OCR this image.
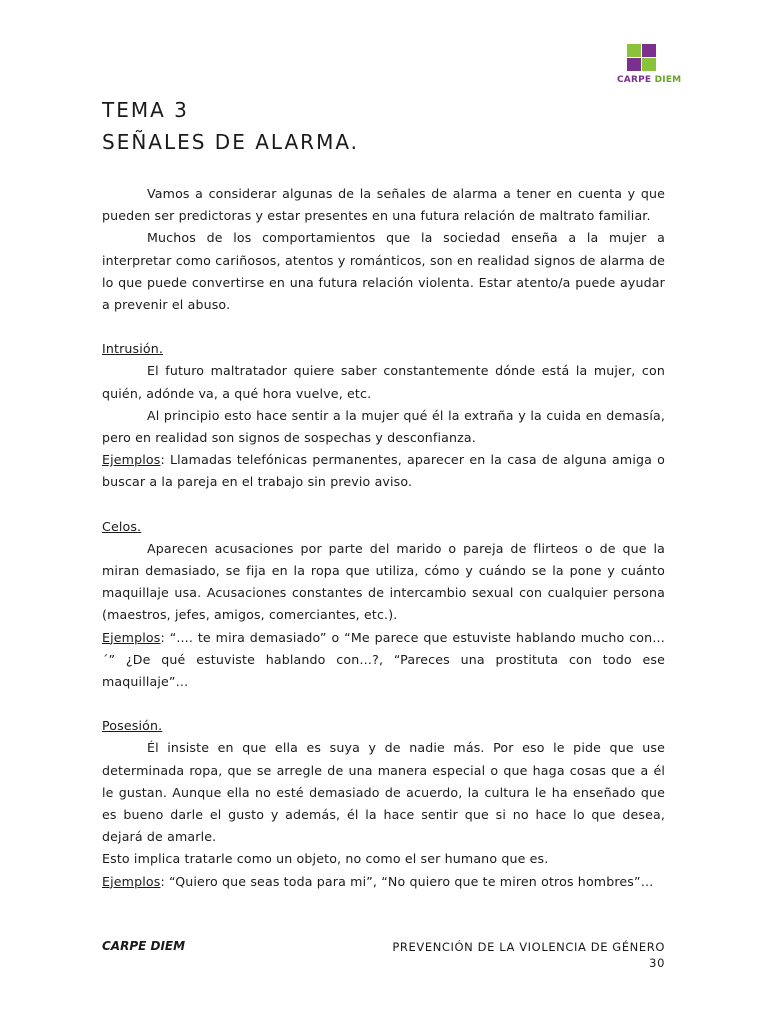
CARPE DIEM
TEMA 3
SEÑALES DE ALARMA.

Vamos a considerar algunas de la señales de alarma a tener en cuenta y que pueden ser predictoras y estar presentes en una futura relación de maltrato familiar.

Muchos de los comportamientos que la sociedad enseña a la mujer a interpretar como cariñosos, atentos y románticos, son en realidad signos de alarma de lo que puede convertirse en una futura relación violenta. Estar atento/a puede ayudar a prevenir el abuso.

Intrusión.

El futuro maltratador quiere saber constantemente dónde está la mujer, con quién, adónde va, a qué hora vuelve, etc.

Al principio esto hace sentir a la mujer qué él la extraña y la cuida en demasía, pero en realidad son signos de sospechas y desconfianza.

Ejemplos: Llamadas telefónicas permanentes, aparecer en la casa de alguna amiga o buscar a la pareja en el trabajo sin previo aviso.

Celos.

Aparecen acusaciones por parte del marido o pareja de flirteos o de que la miran demasiado, se fija en la ropa que utiliza, cómo y cuándo se la pone y cuánto maquillaje usa. Acusaciones constantes de intercambio sexual con cualquier persona (maestros, jefes, amigos, comerciantes, etc.).

Ejemplos: “.... te mira demasiado” o “Me parece que estuviste hablando mucho con…´” ¿De qué estuviste hablando con…?, “Pareces una prostituta con todo ese maquillaje”…

Posesión.

Él insiste en que ella es suya y de nadie más. Por eso le pide que use determinada ropa, que se arregle de una manera especial o que haga cosas que a él le gustan. Aunque ella no esté demasiado de acuerdo, la cultura le ha enseñado que es bueno darle el gusto y además, él la hace sentir que si no hace lo que desea, dejará de amarle.

Esto implica tratarle como un objeto, no como el ser humano que es.

Ejemplos: “Quiero que seas toda para mi”, “No quiero que te miren otros hombres”…

CARPE DIEM	PREVENCIÓN DE LA VIOLENCIA DE GÉNERO
30
